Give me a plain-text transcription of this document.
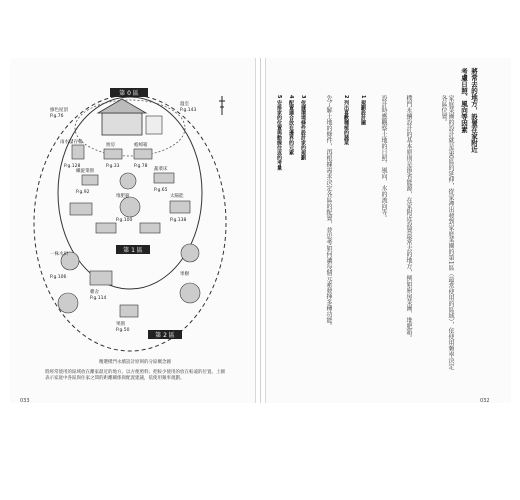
第 0 區
第 1 區
第 2 區
綠色屋頂
P.g.76
溫室
P.g.143
雨水儲存桶
P.g.128
廚房
P.g.33
蚯蚓箱
P.g.78
螺旋菜園
P.g.92
堆肥箱
P.g.100
蔬菜床
P.g.65
太陽能
P.g.138
一株水田
P.g.106
雞舍
P.g.114
果樹
果園
P.g.50
精選樸門永續設計原則的分區概念圖
將經常使用的區域放在離家最近的地方，以方便照料；把較少使用的放在較遠的位置。上圖表示家庭中各區與住家之間的距離關係與配置建議，依使用頻率規劃。
033
將常去的地方，設置在家附近
考慮日照、風向等因素
家庭菜園的設計就是第0區的延伸，從家裡出發到家庭菜園的第1區（最常使用的區域），依使用頻率決定各區位置。
樸門永續設計的基本原則是節省能源，在家附近設置最常去的地方，例如廚房菜園、堆肥箱。
設計時應觀察土地的日照、風向、水的流向等。
1 規劃設計圖
2 列出喜歡種植的蔬菜
先了解土地的條件，再根據需求決定各區的配置，並思考如何讓每個元素發揮多種功能。
3 依據環境條件設計家的規劃
4 配置適合放在邊界的元素
5 安排家的位置與動線往返的考量
032
